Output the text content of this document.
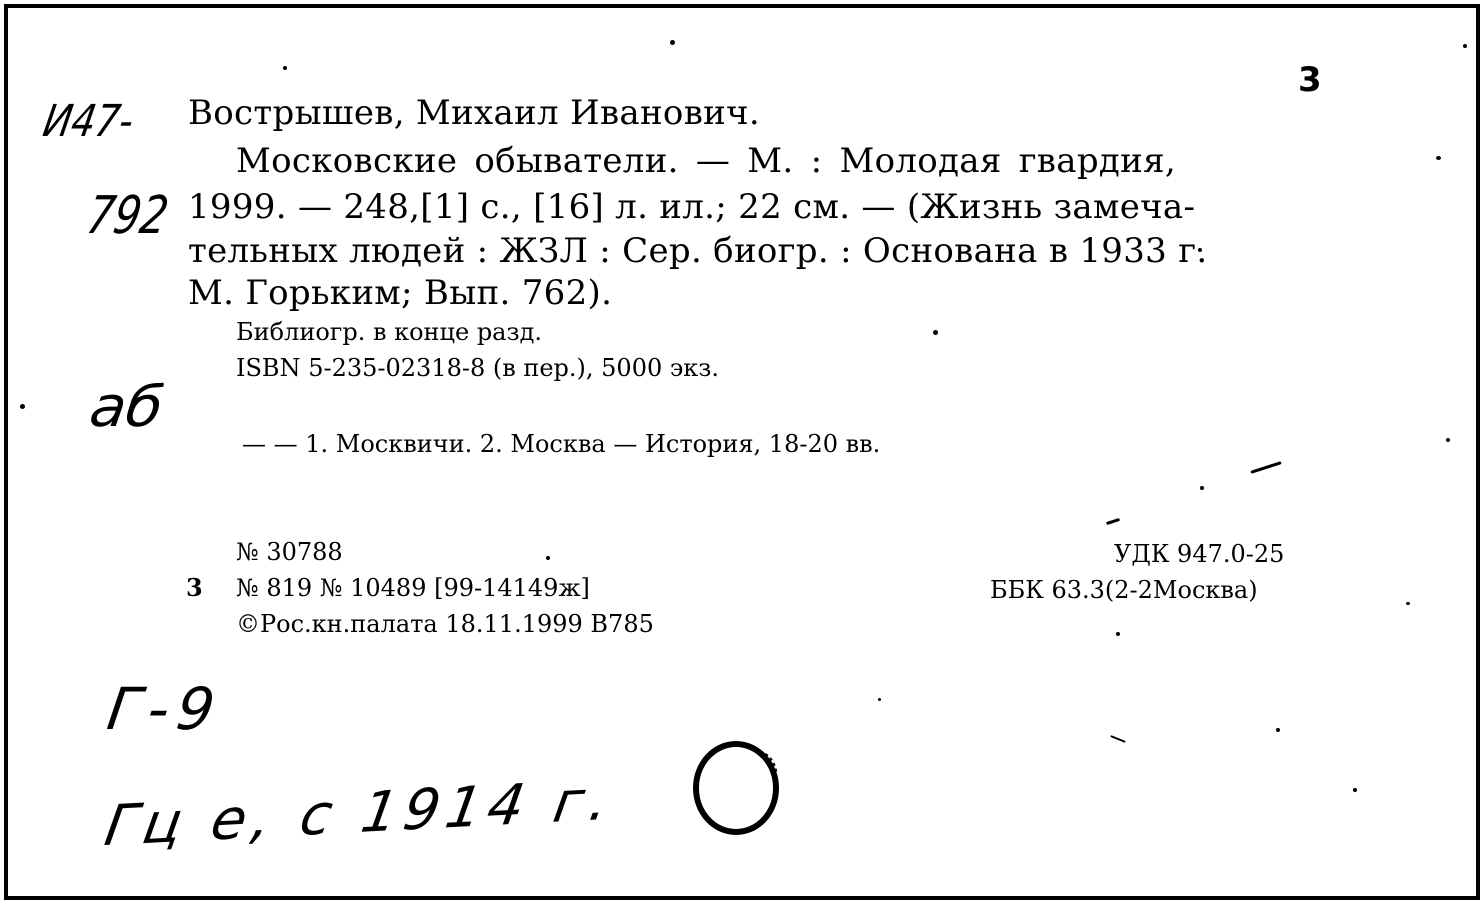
3
Вострышев, Михаил Иванович.
Московские обыватели. — М. : Молодая гвардия,
1999. — 248,[1] с., [16] л. ил.; 22 см. — (Жизнь замеча-
тельных людей : ЖЗЛ : Сер. биогр. : Основана в 1933 г.
М. Горьким; Вып. 762).
Библиогр. в конце разд.
ISBN 5-235-02318-8 (в пер.), 5000 экз.
— — 1. Москвичи. 2. Москва — История, 18-20 вв.
№ 30788
3 № 819 № 10489 [99-14149ж]
©Рос.кн.палата 18.11.1999 В785
УДК 947.0-25
ББК 63.3(2-2Москва)
И47-
792
аб
Г-9
Гц е, с 1914 г.
